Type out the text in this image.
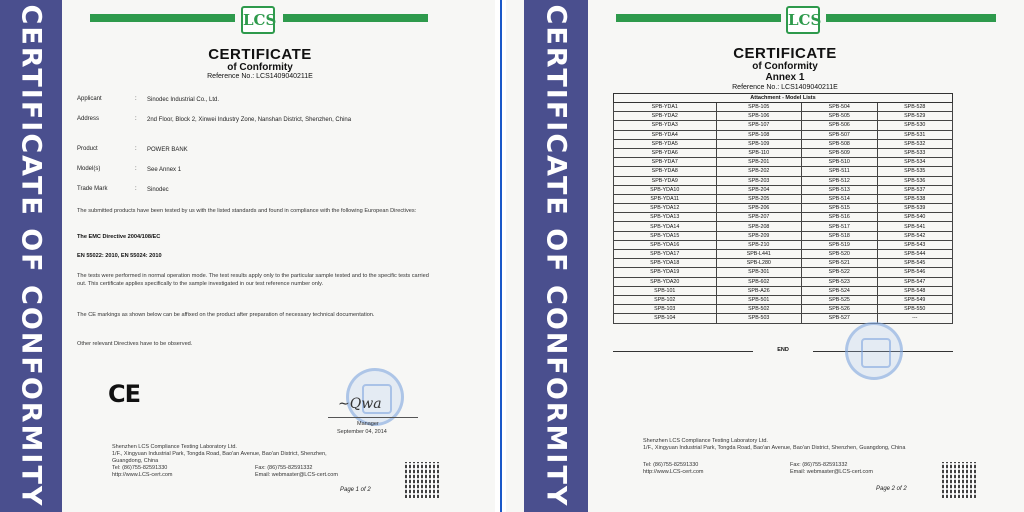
CERTIFICATE OF CONFORMITY	LCS
CERTIFICATE
of Conformity
Reference No.: LCS1409040211E
Applicant	: Sinodec Industrial Co., Ltd.
Address	: 2nd Floor, Block 2, Xinwei Industry Zone, Nanshan District, Shenzhen, China
Product	: POWER BANK
Model(s)	: See Annex 1
Trade Mark	: Sinodec
The submitted products have been tested by us with the listed standards and found in compliance with the following European Directives:
The EMC Directive 2004/108/EC
EN 55022: 2010, EN 55024: 2010
The tests were performed in normal operation mode. The test results apply only to the particular sample tested and to the specific tests carried out. This certificate applies specifically to the sample investigated in our test reference number only.
The CE markings as shown below can be affixed on the product after preparation of necessary technical documentation.
Other relevant Directives have to be observed.
CE	∼Qwa
Manager
September 04, 2014
Shenzhen LCS Compliance Testing Laboratory Ltd.
1/F., Xingyuan Industrial Park, Tongda Road, Bao'an Avenue, Bao'an District, Shenzhen, Guangdong, China
Tel: (86)755-82591330	Fax: (86)755-82591332
http://www.LCS-cert.com	Email: webmaster@LCS-cert.com
Page 1 of 2	CERTIFICATE OF CONFORMITY	LCS
CERTIFICATE
of Conformity
Annex 1
Reference No.: LCS1409040211E
Attachment - Model Lists			
SPB-YDA1	SPB-105	SPB-504	SPB-528
SPB-YDA2	SPB-106	SPB-505	SPB-529
SPB-YDA3	SPB-107	SPB-506	SPB-530
SPB-YDA4	SPB-108	SPB-507	SPB-531
SPB-YDA5	SPB-109	SPB-508	SPB-532
SPB-YDA6	SPB-110	SPB-509	SPB-533
SPB-YDA7	SPB-201	SPB-510	SPB-534
SPB-YDA8	SPB-202	SPB-511	SPB-535
SPB-YDA9	SPB-203	SPB-512	SPB-536
SPB-YDA10	SPB-204	SPB-513	SPB-537
SPB-YDA11	SPB-205	SPB-514	SPB-538
SPB-YDA12	SPB-206	SPB-515	SPB-539
SPB-YDA13	SPB-207	SPB-516	SPB-540
SPB-YDA14	SPB-208	SPB-517	SPB-541
SPB-YDA15	SPB-209	SPB-518	SPB-542
SPB-YDA16	SPB-210	SPB-519	SPB-543
SPB-YDA17	SPB-L441	SPB-520	SPB-544
SPB-YDA18	SPB-L280	SPB-521	SPB-545
SPB-YDA19	SPB-301	SPB-522	SPB-546
SPB-YDA20	SPB-602	SPB-523	SPB-547
SPB-101	SPB-A26	SPB-524	SPB-548
SPB-102	SPB-501	SPB-525	SPB-549
SPB-103	SPB-502	SPB-526	SPB-550
SPB-104	SPB-503	SPB-527	---
END
Shenzhen LCS Compliance Testing Laboratory Ltd.
1/F., Xingyuan Industrial Park, Tongda Road, Bao'an Avenue, Bao'an District, Shenzhen, Guangdong, China
Tel: (86)755-82591330	Fax: (86)755-82591332
http://www.LCS-cert.com	Email: webmaster@LCS-cert.com
Page 2 of 2
